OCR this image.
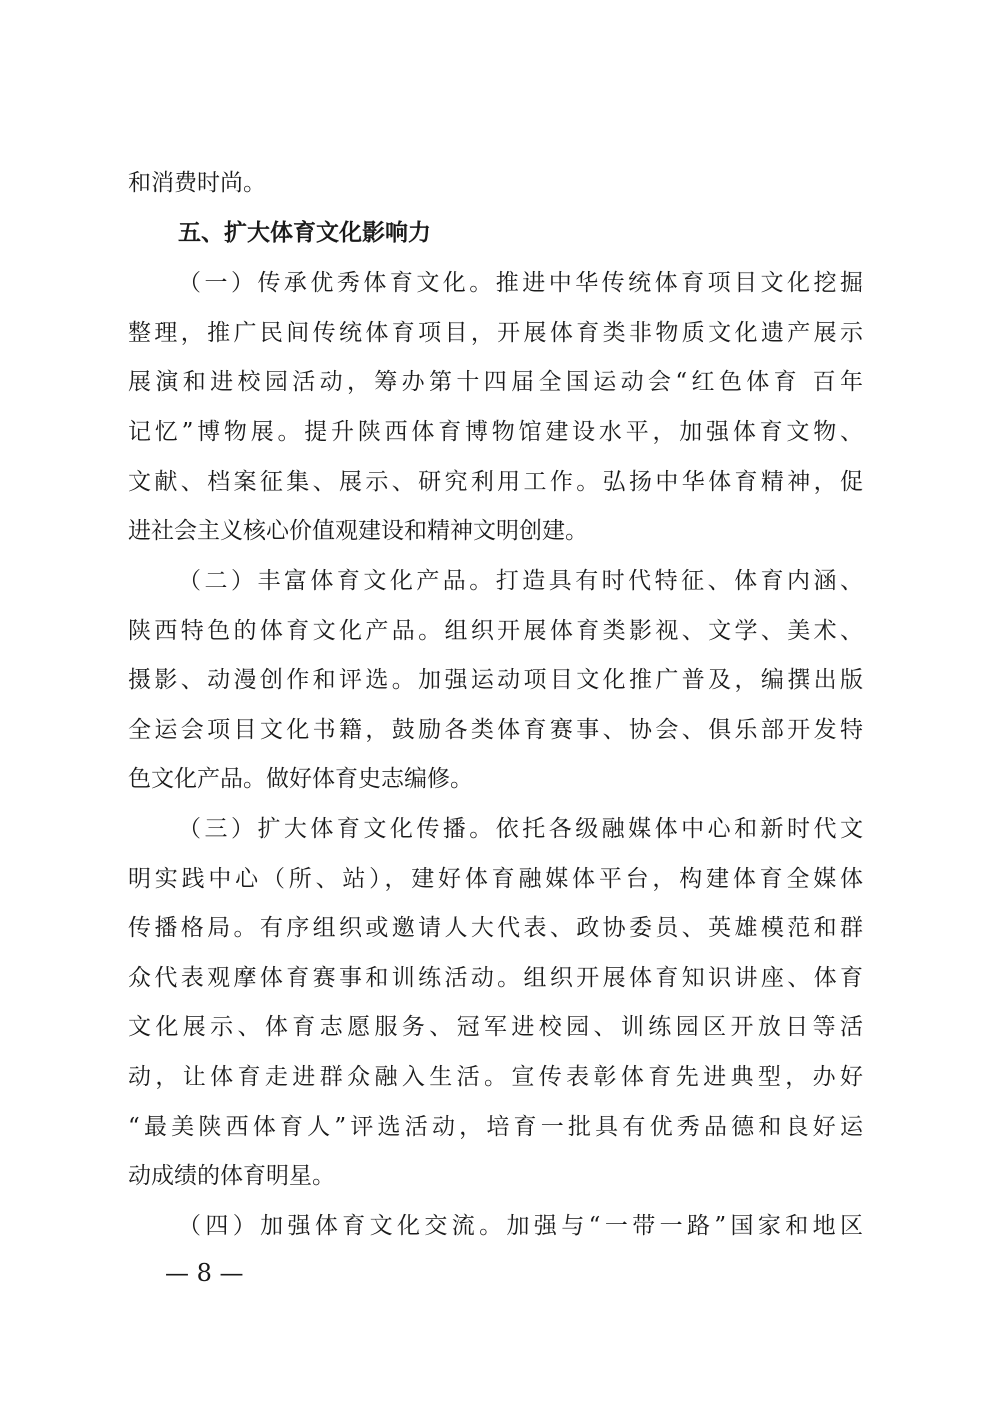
和消费时尚。
五、扩大体育文化影响力
（一）传承优秀体育文化。推进中华传统体育项目文化挖掘
整理，推广民间传统体育项目，开展体育类非物质文化遗产展示
展演和进校园活动，筹办第十四届全国运动会“红色体育 百年
记忆”博物展。提升陕西体育博物馆建设水平，加强体育文物、
文献、档案征集、展示、研究利用工作。弘扬中华体育精神，促
进社会主义核心价值观建设和精神文明创建。
（二）丰富体育文化产品。打造具有时代特征、体育内涵、
陕西特色的体育文化产品。组织开展体育类影视、文学、美术、
摄影、动漫创作和评选。加强运动项目文化推广普及，编撰出版
全运会项目文化书籍，鼓励各类体育赛事、协会、俱乐部开发特
色文化产品。做好体育史志编修。
（三）扩大体育文化传播。依托各级融媒体中心和新时代文
明实践中心（所、站），建好体育融媒体平台，构建体育全媒体
传播格局。有序组织或邀请人大代表、政协委员、英雄模范和群
众代表观摩体育赛事和训练活动。组织开展体育知识讲座、体育
文化展示、体育志愿服务、冠军进校园、训练园区开放日等活
动，让体育走进群众融入生活。宣传表彰体育先进典型，办好
“最美陕西体育人”评选活动，培育一批具有优秀品德和良好运
动成绩的体育明星。
（四）加强体育文化交流。加强与“一带一路”国家和地区
— 8 —
